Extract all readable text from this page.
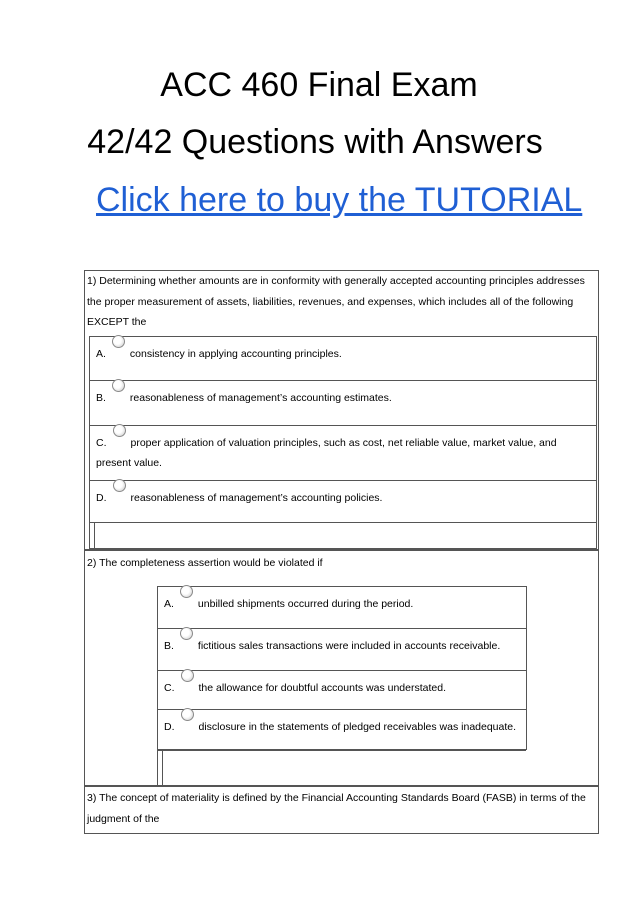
ACC 460 Final Exam
42/42 Questions with Answers
Click here to buy the TUTORIAL
1) Determining whether amounts are in conformity with generally accepted accounting principles addresses the proper measurement of assets, liabilities, revenues, and expenses, which includes all of the following EXCEPT the
A. consistency in applying accounting principles.
B. reasonableness of management’s accounting estimates.
C. proper application of valuation principles, such as cost, net reliable value, market value, and present value.
D. reasonableness of management’s accounting policies.
2) The completeness assertion would be violated if
A. unbilled shipments occurred during the period.
B. fictitious sales transactions were included in accounts receivable.
C. the allowance for doubtful accounts was understated.
D. disclosure in the statements of pledged receivables was inadequate.
3) The concept of materiality is defined by the Financial Accounting Standards Board (FASB) in terms of the judgment of the
